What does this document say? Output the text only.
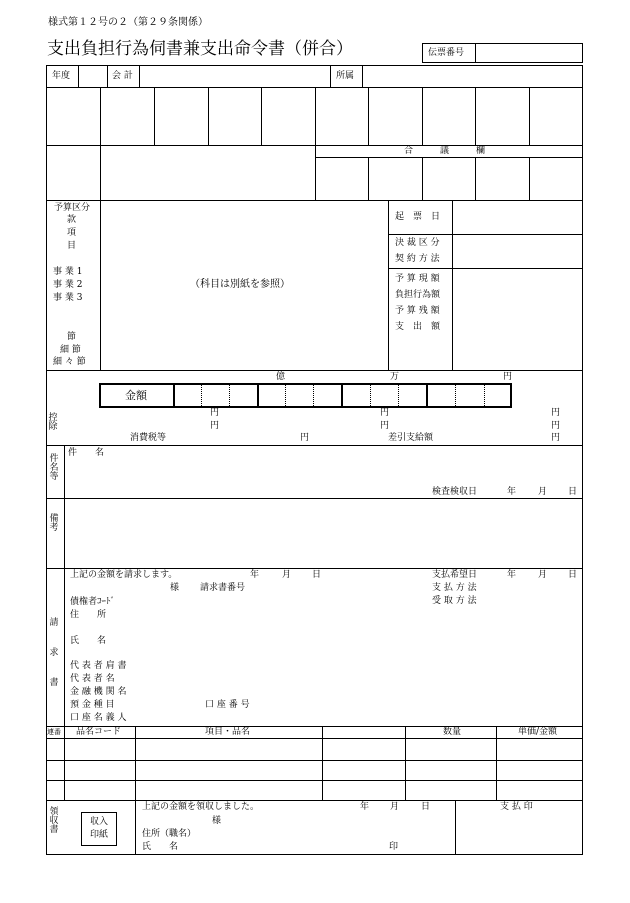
様式第１２号の２（第２９条関係）
支出負担行為伺書兼支出命令書（併合）	伝票番号
年度	会 計	所属
合　　　議　　　欄
予算区分
款
項
目
事 業 1
事 業 2
事 業 3
節
細 節
細 々 節
（科目は別紙を参照）
起　票　日
決 裁 区 分
契 約 方 法
予 算 現 額
負担行為額
予 算 残 額
支　出　額
億	万	円
金額
控除
円	円	円
円	円	円
消費税等	円	差引支給額	円
件名等
件　　名
検査検収日	年 月 日
備考
請求書
上記の金額を請求します。	年	月 日	支払希望日	年 月 日
様 請求書番号	支 払 方 法
受 取 方 法
債権者ｺｰﾄﾞ
住　　所
氏　　名
代 表 者 肩 書
代 表 者 名
金 融 機 関 名
預 金 種 目	口 座 番 号
口 座 名 義 人
連番 品名コード	項目・品名	数量	単価/金額
領収書
収入印紙
上記の金額を領収しました。	年 月 日	支 払 印
様
住所（職名）
氏　　名	印
